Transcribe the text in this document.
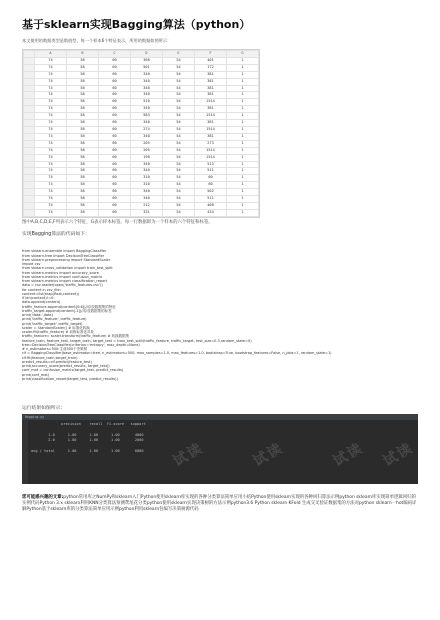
基于sklearn实现Bagging算法（python）
本文使用的数据类型是数值型，每一个样本6个特征表示，所用的数据如图所示：
	A	B	C	D	E	F	G
	74	58	60	366	54	401	1
	74	58	60	501	54	172	1
	74	58	60	340	54	381	1
	74	58	60	340	54	381	1
	74	58	60	340	54	381	1
	74	58	60	340	54	381	1
	74	58	60	510	54	1514	1
	74	58	60	340	54	381	1
	74	58	60	583	54	1514	1
	74	58	60	340	54	381	1
	74	58	60	274	54	1514	1
	74	58	60	340	54	381	1
	74	58	60	205	54	273	1
	74	58	60	205	54	1514	1
	74	58	60	190	54	1514	1
	74	58	60	340	54	513	1
	74	58	60	340	54	511	1
	74	58	60	310	54	60	1
	74	58	60	310	54	60	1
	74	58	60	340	54	502	1
	74	58	60	340	54	511	1
	74	58	60	212	54	408	1
	74	58	60	331	54	434	1

图中A,B,C,D,E,F列表示六个特征，G表示样本标签。每一行数据即为一个样本的六个特征和标签。
实现Bagging算法的代码如下：

from sklearn.ensemble import BaggingClassifier
from sklearn.tree import DecisionTreeClassifier
from sklearn.preprocessing import StandardScaler
import csv
from sklearn.cross_validation import train_test_split
from sklearn.metrics import accuracy_score
from sklearn.metrics import confusion_matrix
from sklearn.metrics import classification_report
data = csv.reader(open('traffic_features.csv'))
for content in csv_file:
content=list(map(float,content))
if len(content)!=0:
data.append(content)
traffic_feature.append(content[0:6])//存放数据集的特征
traffic_target.append(content[-1])//存放数据集的标签
print('data:',data)
print('traffic_feature:',traffic_feature)
print('traffic_target:',traffic_target)
scaler = StandardScaler() # 标准化转换
scaler.fit(traffic_feature) # 训练标准化对象
traffic_feature= scaler.transform(traffic_feature) # 转换数据集
feature_train, feature_test, target_train, target_test = train_test_split(traffic_feature, traffic_target, test_size=0.3,random_state=0)
tree=DecisionTreeClassifier(criterion='entropy', max_depth=None)
# n_estimators=500:生成500个决策树
clf = BaggingClassifier(base_estimator=tree, n_estimators=500, max_samples=1.0, max_features=1.0, bootstrap=True, bootstrap_features=False, n_jobs=1, random_state=1)
clf.fit(feature_train,target_train)
predict_results=clf.predict(feature_test)
print(accuracy_score(predict_results, target_test))
conf_mat = confusion_matrix(target_test, predict_results)
print(conf_mat)
print(classification_report(target_test, predict_results))

运行结果如图所示：
Bagging.py
precision    recall  f1-score   support

1.0      1.00      1.00      1.00       4000
2.0      1.00      1.00      1.00       2000

avg / total      1.00      1.00      1.00       6000	试读	试读	试读 试读
您可能感兴趣的文章:python常用库之NumPy和sklearn入门Python使用sklearn库实现的各种分类算法简单应用小结Python使用sklearn实现的各种回归算法示例python sklearn库实现简单逻辑回归的实例代码Python 3.x sklearn利用KNN分类算法预测鸢尾花分类python使用sklearn实现决策树的方法示例python3.6 Python sklearn KFold 生成交叉验证数据集的方法对python sklearn一hot编码详解Python基于sklearn库的分类算法简单应用示例python利用sklearn包编写决策树源代码
